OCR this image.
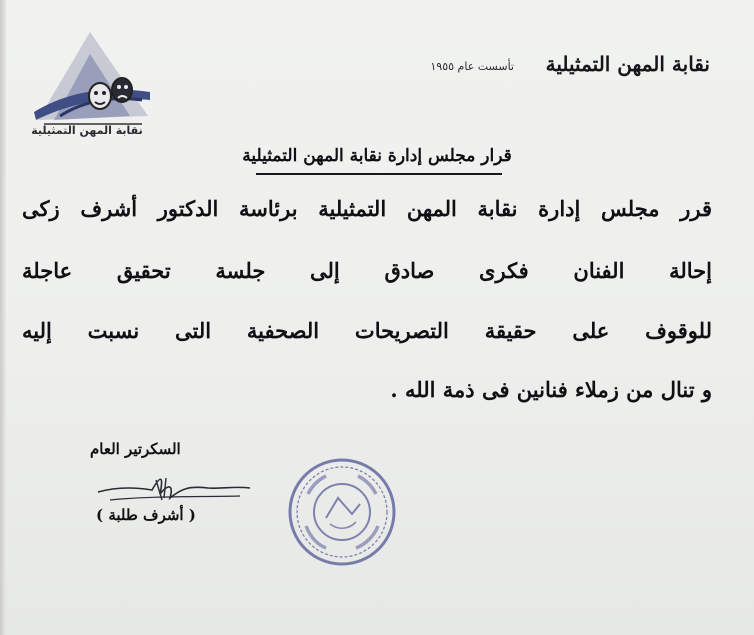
نقابة المهن التمثيلية
نقابة المهن التمثيلية
تأسست عام ١٩٥٥
قرار مجلس إدارة نقابة المهن التمثيلية
قرر مجلس إدارة نقابة المهن التمثيلية برئاسة الدكتور أشرف زكى
إحالة الفنان فكرى صادق إلى جلسة تحقيق عاجلة
للوقوف على حقيقة التصريحات الصحفية التى نسبت إليه
و تنال من زملاء فنانين فى ذمة الله .
السكرتير العام
( أشرف طلبة )
